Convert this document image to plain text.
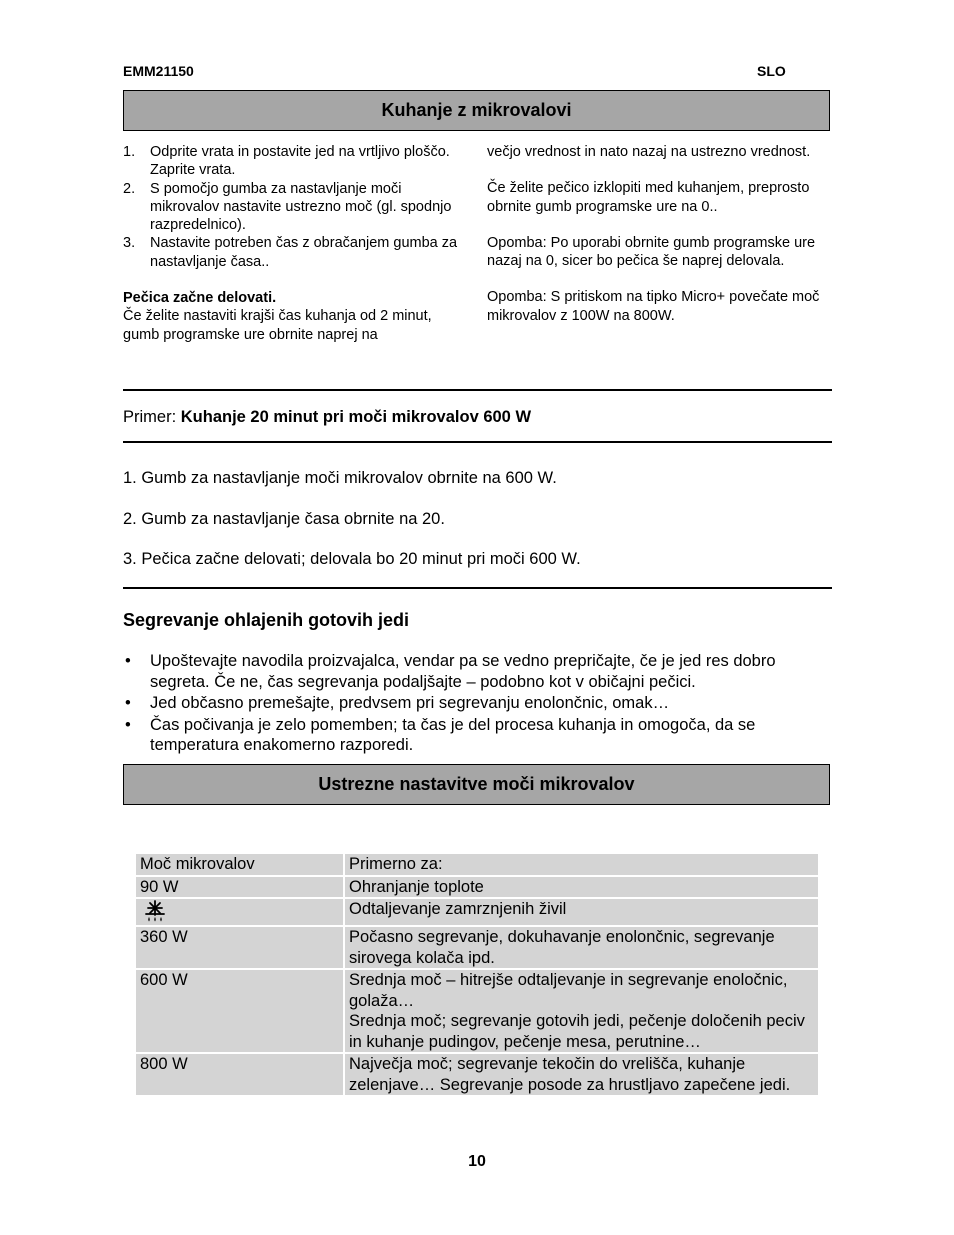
EMM21150	SLO
Kuhanje z mikrovalovi
1. Odprite vrata in postavite jed na vrtljivo ploščo. Zaprite vrata.
2. S pomočjo gumba za nastavljanje moči mikrovalov nastavite ustrezno moč (gl. spodnjo razpredelnico).
3. Nastavite potreben čas z obračanjem gumba za nastavljanje časa..

Pečica začne delovati.

Če želite nastaviti krajši čas kuhanja od 2 minut, gumb programske ure obrnite naprej na

večjo vrednost in nato nazaj na ustrezno vrednost.

Če želite pečico izklopiti med kuhanjem, preprosto obrnite gumb programske ure na 0..

Opomba: Po uporabi obrnite gumb programske ure nazaj na 0, sicer bo pečica še naprej delovala.

Opomba: S pritiskom na tipko Micro+ povečate moč mikrovalov z 100W na 800W.

Primer: Kuhanje 20 minut pri moči mikrovalov 600 W
1. Gumb za nastavljanje moči mikrovalov obrnite na 600 W.
2. Gumb za nastavljanje časa obrnite na 20.
3. Pečica začne delovati; delovala bo 20 minut pri moči 600 W.
Segrevanje ohlajenih gotovih jedi
• Upoštevajte navodila proizvajalca, vendar pa se vedno prepričajte, če je jed res dobro segreta. Če ne, čas segrevanja podaljšajte – podobno kot v običajni pečici.
• Jed občasno premešajte, predvsem pri segrevanju enolončnic, omak…
• Čas počivanja je zelo pomemben; ta čas je del procesa kuhanja in omogoča, da se temperatura enakomerno razporedi.
Ustrezne nastavitve moči mikrovalov
Moč mikrovalov	Primerno za:
90 W	Ohranjanje toplote

	Odtaljevanje zamrznjenih živil
360 W	Počasno segrevanje, dokuhavanje enolončnic, segrevanje sirovega kolača ipd.
600 W	Srednja moč – hitrejše odtaljevanje in segrevanje enoločnic, golaža…
Srednja moč; segrevanje gotovih jedi, pečenje določenih peciv in kuhanje pudingov, pečenje mesa, perutnine…

800 W	Največja moč; segrevanje tekočin do vrelišča, kuhanje zelenjave… Segrevanje posode za hrustljavo zapečene jedi.
10
